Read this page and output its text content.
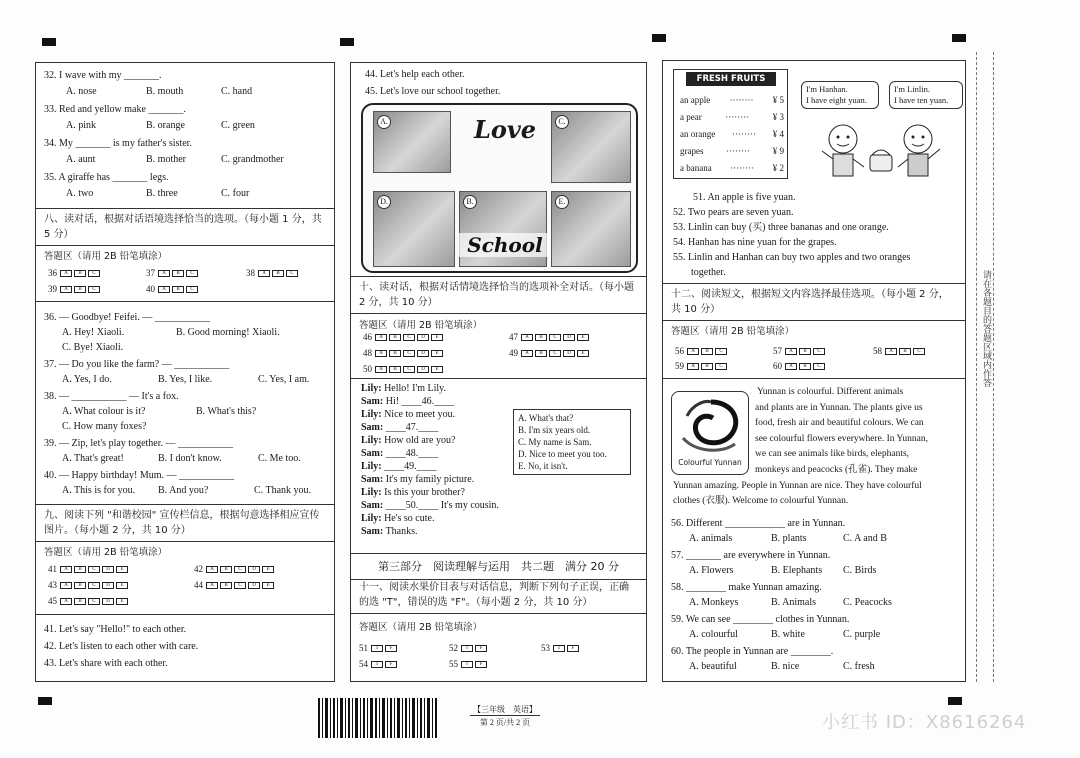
32. I wave with my _______.
A. nose	B. mouth	C. hand
33. Red and yellow make _______.
A. pink	B. orange	C. green
34. My _______ is my father's sister.
A. aunt	B. mother	C. grandmother
35. A giraffe has _______ legs.
A. two	B. three	C. four
八、读对话，根据对话语境选择恰当的选项。（每小题 1 分，共 5 分）
答题区（请用 2B 铅笔填涂）
36	A	B	C	37	A	B	C	38	A	B	C
39	A	B	C	40	A	B	C
36. — Goodbye! Feifei. — ___________
A. Hey! Xiaoli.	B. Good morning! Xiaoli.
C. Bye! Xiaoli.
37. — Do you like the farm? — ___________
A. Yes, I do.	B. Yes, I like.	C. Yes, I am.
38. — ___________ — It's a fox.
A. What colour is it?	B. What's this?
C. How many foxes?
39. — Zip, let's play together. — ___________
A. That's great!	B. I don't know.	C. Me too.
40. — Happy birthday! Mum. — ___________
A. This is for you. B. And you?	C. Thank you.
九、阅读下列 "和谐校园" 宣传栏信息，根据句意选择相应宣传图片。（每小题 2 分，共 10 分）
答题区（请用 2B 铅笔填涂）
41	A	B	C	D	E	42	A	B	C	D	E
43	A	B	C	D	E	44	A	B	C	D	E
45	A	B	C	D	E
41. Let's say "Hello!" to each other.
42. Let's listen to each other with care.
43. Let's share with each other.
44. Let's help each other.
45. Let's love our school together.
A.
B.
C.
D.	E.
Love
School
十、读对话，根据对话情境选择恰当的选项补全对话。（每小题 2 分，共 10 分）
答题区（请用 2B 铅笔填涂）
46	A	B	C	D	E	47	A	B	C	D	E
48	A	B	C	D	E	49	A	B	C	D	E
50	A	B	C	D	E
Lily: Hello! I'm Lily.
Sam: Hi! ____46.____
Lily: Nice to meet you.
Sam: ____47.____
Lily: How old are you?
Sam: ____48.____
Lily: ____49.____
Sam: It's my family picture.
Lily: Is this your brother?
Sam: ____50.____ It's my cousin.
Lily: He's so cute.
Sam: Thanks.
A. What's that?
B. I'm six years old.
C. My name is Sam.
D. Nice to meet you too.
E. No, it isn't.
第三部分　阅读理解与运用　共二题　满分 20 分
十一、阅读水果价目表与对话信息，判断下列句子正误，正确的选 "T"，错误的选 "F"。（每小题 2 分，共 10 分）
答题区（请用 2B 铅笔填涂）
51	T	F	52	T	F	53	T	F
54	T	F	55	T	F
FRESH FRUITS
an apple ········ ¥ 5
a pear	········	¥ 3
an orange ········ ¥ 4
grapes	········	¥ 9
a banana ········ ¥ 2
I'm Hanhan.
I have eight yuan.
I'm Linlin.
I have ten yuan.
51. An apple is five yuan.
52. Two pears are seven yuan.
53. Linlin can buy (买) three bananas and one orange.
54. Hanhan has nine yuan for the grapes.
55. Linlin and Hanhan can buy two apples and two oranges
together.
十二、阅读短文，根据短文内容选择最佳选项。（每小题 2 分，共 10 分）
答题区（请用 2B 铅笔填涂）
56	A	B	C	57	A	B	C	58	A	B	C
59	A	B	C	60	A	B	C
Colourful Yunnan
Yunnan is colourful. Different animals
and plants are in Yunnan. The plants give us
food, fresh air and beautiful colours. We can
see colourful flowers everywhere. In Yunnan,
we can see animals like birds, elephants,
monkeys and peacocks (孔雀). They make
Yunnan amazing. People in Yunnan are nice. They have colourful
clothes (衣服). Welcome to colourful Yunnan.
56. Different ____________ are in Yunnan.
A. animals	B. plants	C. A and B
57. _______ are everywhere in Yunnan.
A. Flowers	B. Elephants C. Birds
58. ________ make Yunnan amazing.
A. Monkeys	B. Animals	C. Peacocks
59. We can see ________ clothes in Yunnan.
A. colourful	B. white	C. purple
60. The people in Yunnan are ________.
A. beautiful	B. nice	C. fresh
请在各题目的答题区域内作答
【三年级　英语】
第 2 页/共 2 页	小红书 ID：X8616264
